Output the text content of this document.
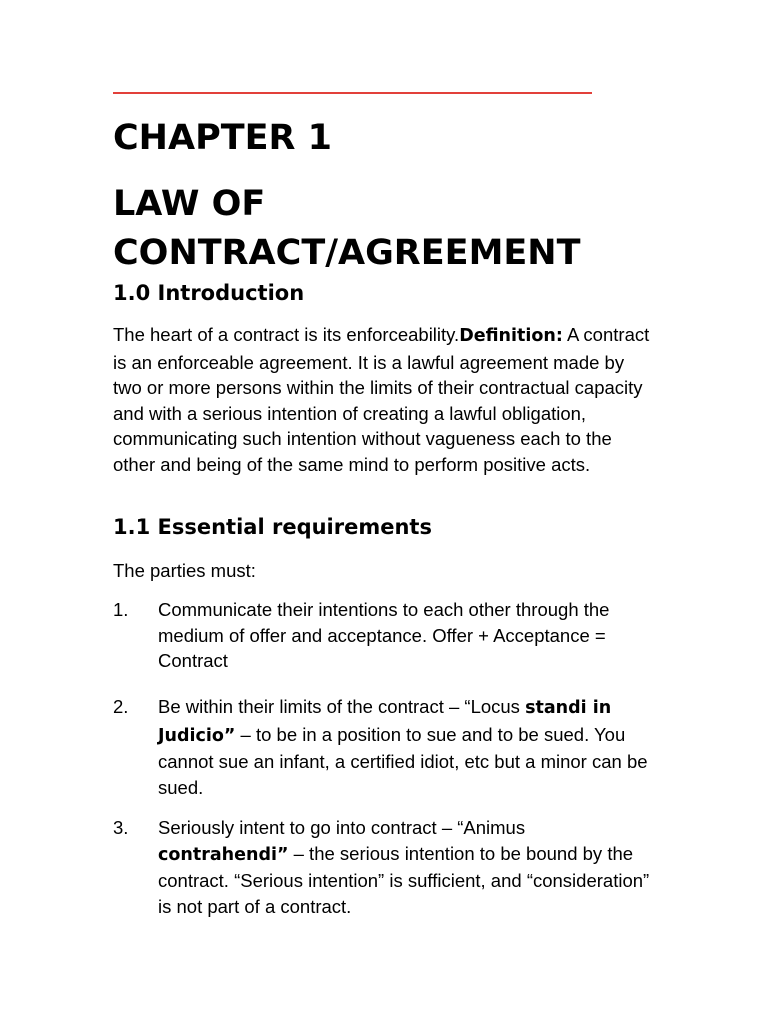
CHAPTER 1
LAW OF
CONTRACT/AGREEMENT
1.0 Introduction

The heart of a contract is its enforceability.Definition: A contract is an enforceable agreement. It is a lawful agreement made by two or more persons within the limits of their contractual capacity and with a serious intention of creating a lawful obligation, communicating such intention without vagueness each to the other and being of the same mind to perform positive acts.

1.1 Essential requirements

The parties must:

1. Communicate their intentions to each other through the medium of offer and acceptance. Offer + Acceptance = Contract
2. Be within their limits of the contract – “Locus standi in Judicio” – to be in a position to sue and to be sued. You cannot sue an infant, a certified idiot, etc but a minor can be sued.
3. Seriously intent to go into contract – “Animus contrahendi” – the serious intention to be bound by the contract. “Serious intention” is sufficient, and “consideration” is not part of a contract.
